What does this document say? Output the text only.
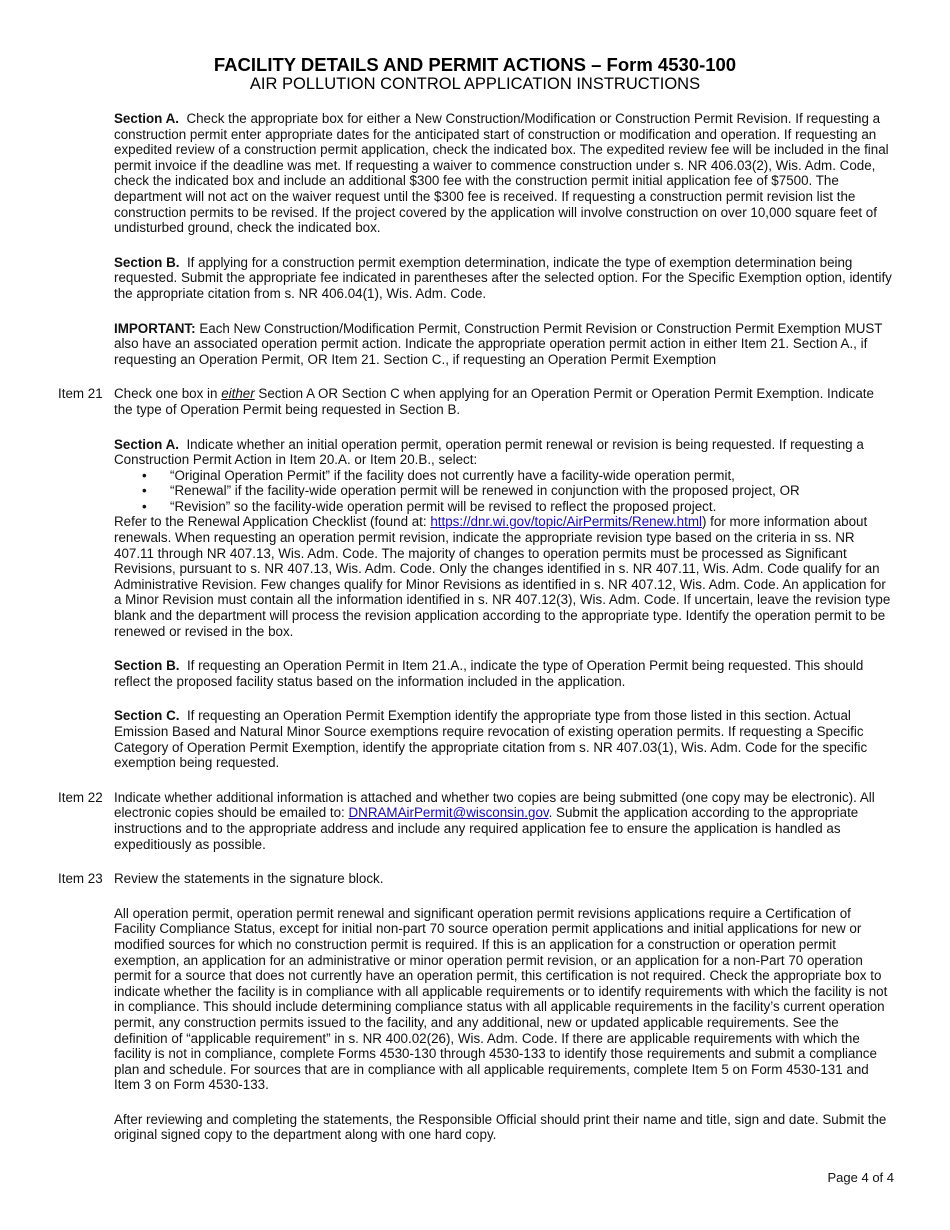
FACILITY DETAILS AND PERMIT ACTIONS – Form 4530-100
AIR POLLUTION CONTROL APPLICATION INSTRUCTIONS

Section A. Check the appropriate box for either a New Construction/Modification or Construction Permit Revision. If requesting a construction permit enter appropriate dates for the anticipated start of construction or modification and operation. If requesting an expedited review of a construction permit application, check the indicated box. The expedited review fee will be included in the final permit invoice if the deadline was met. If requesting a waiver to commence construction under s. NR 406.03(2), Wis. Adm. Code, check the indicated box and include an additional $300 fee with the construction permit initial application fee of $7500. The department will not act on the waiver request until the $300 fee is received. If requesting a construction permit revision list the construction permits to be revised. If the project covered by the application will involve construction on over 10,000 square feet of undisturbed ground, check the indicated box.

Section B. If applying for a construction permit exemption determination, indicate the type of exemption determination being requested. Submit the appropriate fee indicated in parentheses after the selected option. For the Specific Exemption option, identify the appropriate citation from s. NR 406.04(1), Wis. Adm. Code.

IMPORTANT: Each New Construction/Modification Permit, Construction Permit Revision or Construction Permit Exemption MUST also have an associated operation permit action. Indicate the appropriate operation permit action in either Item 21. Section A., if requesting an Operation Permit, OR Item 21. Section C., if requesting an Operation Permit Exemption

Item 21 Check one box in either Section A OR Section C when applying for an Operation Permit or Operation Permit Exemption. Indicate the type of Operation Permit being requested in Section B.

Section A. Indicate whether an initial operation permit, operation permit renewal or revision is being requested. If requesting a Construction Permit Action in Item 20.A. or Item 20.B., select:

• “Original Operation Permit” if the facility does not currently have a facility-wide operation permit,
• “Renewal” if the facility-wide operation permit will be renewed in conjunction with the proposed project, OR
• “Revision” so the facility-wide operation permit will be revised to reflect the proposed project.

Refer to the Renewal Application Checklist (found at: https://dnr.wi.gov/topic/AirPermits/Renew.html) for more information about renewals. When requesting an operation permit revision, indicate the appropriate revision type based on the criteria in ss. NR 407.11 through NR 407.13, Wis. Adm. Code. The majority of changes to operation permits must be processed as Significant Revisions, pursuant to s. NR 407.13, Wis. Adm. Code. Only the changes identified in s. NR 407.11, Wis. Adm. Code qualify for an Administrative Revision. Few changes qualify for Minor Revisions as identified in s. NR 407.12, Wis. Adm. Code. An application for a Minor Revision must contain all the information identified in s. NR 407.12(3), Wis. Adm. Code. If uncertain, leave the revision type blank and the department will process the revision application according to the appropriate type. Identify the operation permit to be renewed or revised in the box.

Section B. If requesting an Operation Permit in Item 21.A., indicate the type of Operation Permit being requested. This should reflect the proposed facility status based on the information included in the application.

Section C. If requesting an Operation Permit Exemption identify the appropriate type from those listed in this section. Actual Emission Based and Natural Minor Source exemptions require revocation of existing operation permits. If requesting a Specific Category of Operation Permit Exemption, identify the appropriate citation from s. NR 407.03(1), Wis. Adm. Code for the specific exemption being requested.

Item 22 Indicate whether additional information is attached and whether two copies are being submitted (one copy may be electronic). All electronic copies should be emailed to: DNRAMAirPermit@wisconsin.gov. Submit the application according to the appropriate instructions and to the appropriate address and include any required application fee to ensure the application is handled as expeditiously as possible.

Item 23 Review the statements in the signature block.

All operation permit, operation permit renewal and significant operation permit revisions applications require a Certification of Facility Compliance Status, except for initial non-part 70 source operation permit applications and initial applications for new or modified sources for which no construction permit is required. If this is an application for a construction or operation permit exemption, an application for an administrative or minor operation permit revision, or an application for a non-Part 70 operation permit for a source that does not currently have an operation permit, this certification is not required. Check the appropriate box to indicate whether the facility is in compliance with all applicable requirements or to identify requirements with which the facility is not in compliance. This should include determining compliance status with all applicable requirements in the facility’s current operation permit, any construction permits issued to the facility, and any additional, new or updated applicable requirements. See the definition of “applicable requirement” in s. NR 400.02(26), Wis. Adm. Code. If there are applicable requirements with which the facility is not in compliance, complete Forms 4530-130 through 4530-133 to identify those requirements and submit a compliance plan and schedule. For sources that are in compliance with all applicable requirements, complete Item 5 on Form 4530-131 and Item 3 on Form 4530-133.

After reviewing and completing the statements, the Responsible Official should print their name and title, sign and date. Submit the original signed copy to the department along with one hard copy.

Page 4 of 4
